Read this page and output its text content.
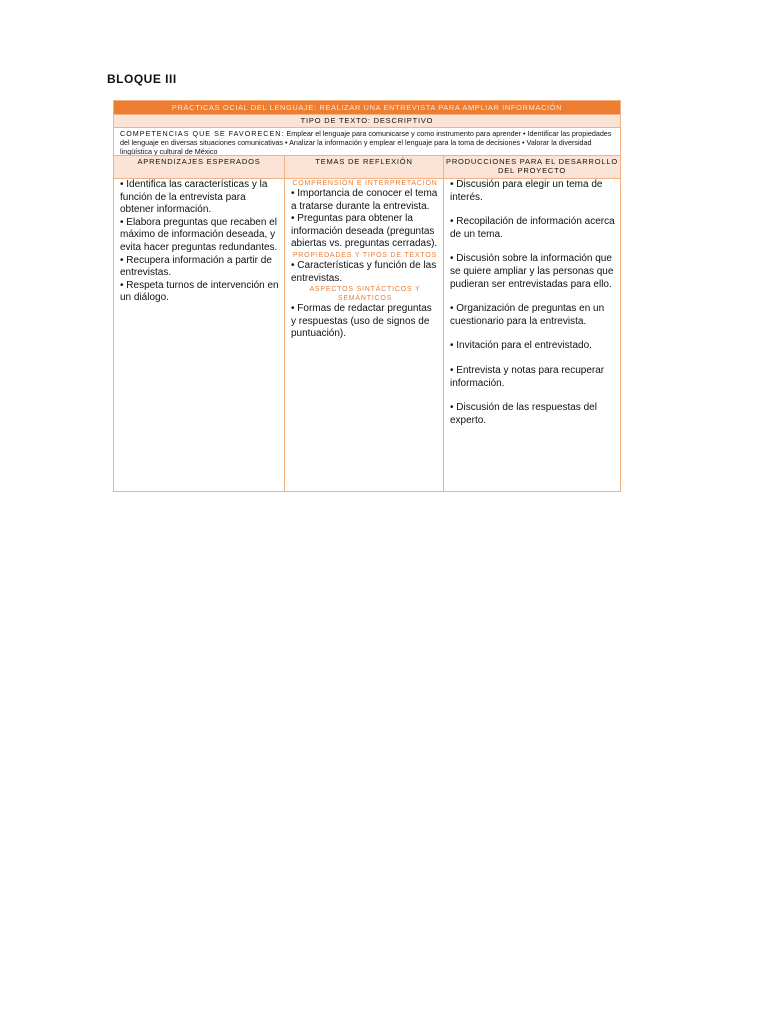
BLOQUE III
PRÁCTICAS OCIAL DEL LENGUAJE: REALIZAR UNA ENTREVISTA PARA AMPLIAR INFORMACIÓN
TIPO DE TEXTO: DESCRIPTIVO
COMPETENCIAS QUE SE FAVORECEN: Emplear el lenguaje para comunicarse y como instrumento para aprender • Identificar las propiedades del lenguaje en diversas situaciones comunicativas • Analizar la información y emplear el lenguaje para la toma de decisiones • Valorar la diversidad lingüística y cultural de México
APRENDIZAJES ESPERADOS	TEMAS DE REFLEXIÓN	PRODUCCIONES PARA EL DESARROLLO DEL PROYECTO

• Identifica las características y la función de la entrevista para obtener información.

• Elabora preguntas que recaben el máximo de información deseada, y evita hacer preguntas redundantes.

• Recupera información a partir de entrevistas.

• Respeta turnos de intervención en un diálogo.

COMPRENSIÓN E INTERPRETACIÓN

• Importancia de conocer el tema a tratarse durante la entrevista.

• Preguntas para obtener la información deseada (preguntas abiertas vs. preguntas cerradas).

PROPIEDADES Y TIPOS DE TEXTOS

• Características y función de las entrevistas.

ASPECTOS SINTÁCTICOS Y SEMÁNTICOS

• Formas de redactar preguntas y respuestas (uso de signos de puntuación).

• Discusión para elegir un tema de interés.

• Recopilación de información acerca de un tema.

• Discusión sobre la información que se quiere ampliar y las personas que pudieran ser entrevistadas para ello.

• Organización de preguntas en un cuestionario para la entrevista.

• Invitación para el entrevistado.

• Entrevista y notas para recuperar información.

• Discusión de las respuestas del experto.
